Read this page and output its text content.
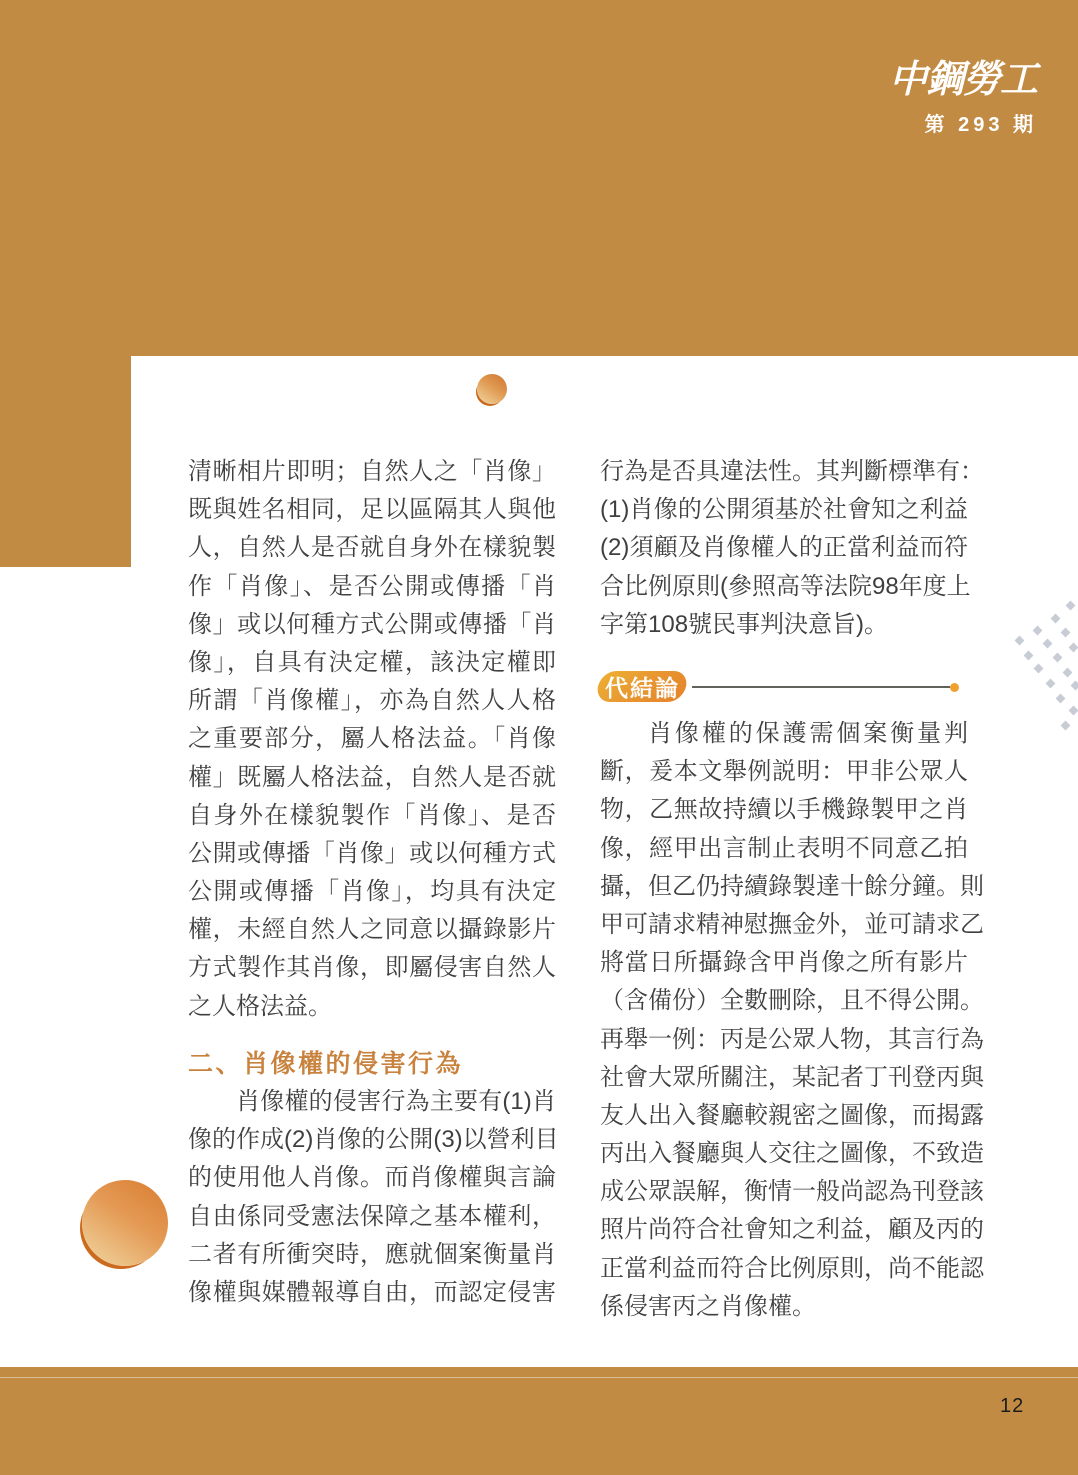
中鋼勞工
第 293 期
清晰相片即明；自然人之「肖像」
既與姓名相同，足以區隔其人與他
人，自然人是否就自身外在樣貌製
作「肖像」、是否公開或傳播「肖
像」或以何種方式公開或傳播「肖
像」，自具有決定權，該決定權即
所謂「肖像權」，亦為自然人人格
之重要部分，屬人格法益。「肖像
權」既屬人格法益，自然人是否就
自身外在樣貌製作「肖像」、是否
公開或傳播「肖像」或以何種方式
公開或傳播「肖像」，均具有決定
權，未經自然人之同意以攝錄影片
方式製作其肖像，即屬侵害自然人
之人格法益。
二、肖像權的侵害行為
肖像權的侵害行為主要有(1)肖
像的作成(2)肖像的公開(3)以營利目
的使用他人肖像。而肖像權與言論
自由係同受憲法保障之基本權利，
二者有所衝突時，應就個案衡量肖
像權與媒體報導自由，而認定侵害
行為是否具違法性。其判斷標準有：
(1)肖像的公開須基於社會知之利益
(2)須顧及肖像權人的正當利益而符
合比例原則(參照高等法院98年度上
字第108號民事判決意旨)。
代結論
肖像權的保護需個案衡量判
斷，爰本文舉例説明：甲非公眾人
物，乙無故持續以手機錄製甲之肖
像，經甲出言制止表明不同意乙拍
攝，但乙仍持續錄製達十餘分鐘。則
甲可請求精神慰撫金外，並可請求乙
將當日所攝錄含甲肖像之所有影片
（含備份）全數刪除，且不得公開。
再舉一例：丙是公眾人物，其言行為
社會大眾所關注，某記者丁刊登丙與
友人出入餐廳較親密之圖像，而揭露
丙出入餐廳與人交往之圖像，不致造
成公眾誤解，衡情一般尚認為刊登該
照片尚符合社會知之利益，顧及丙的
正當利益而符合比例原則，尚不能認
係侵害丙之肖像權。
12
